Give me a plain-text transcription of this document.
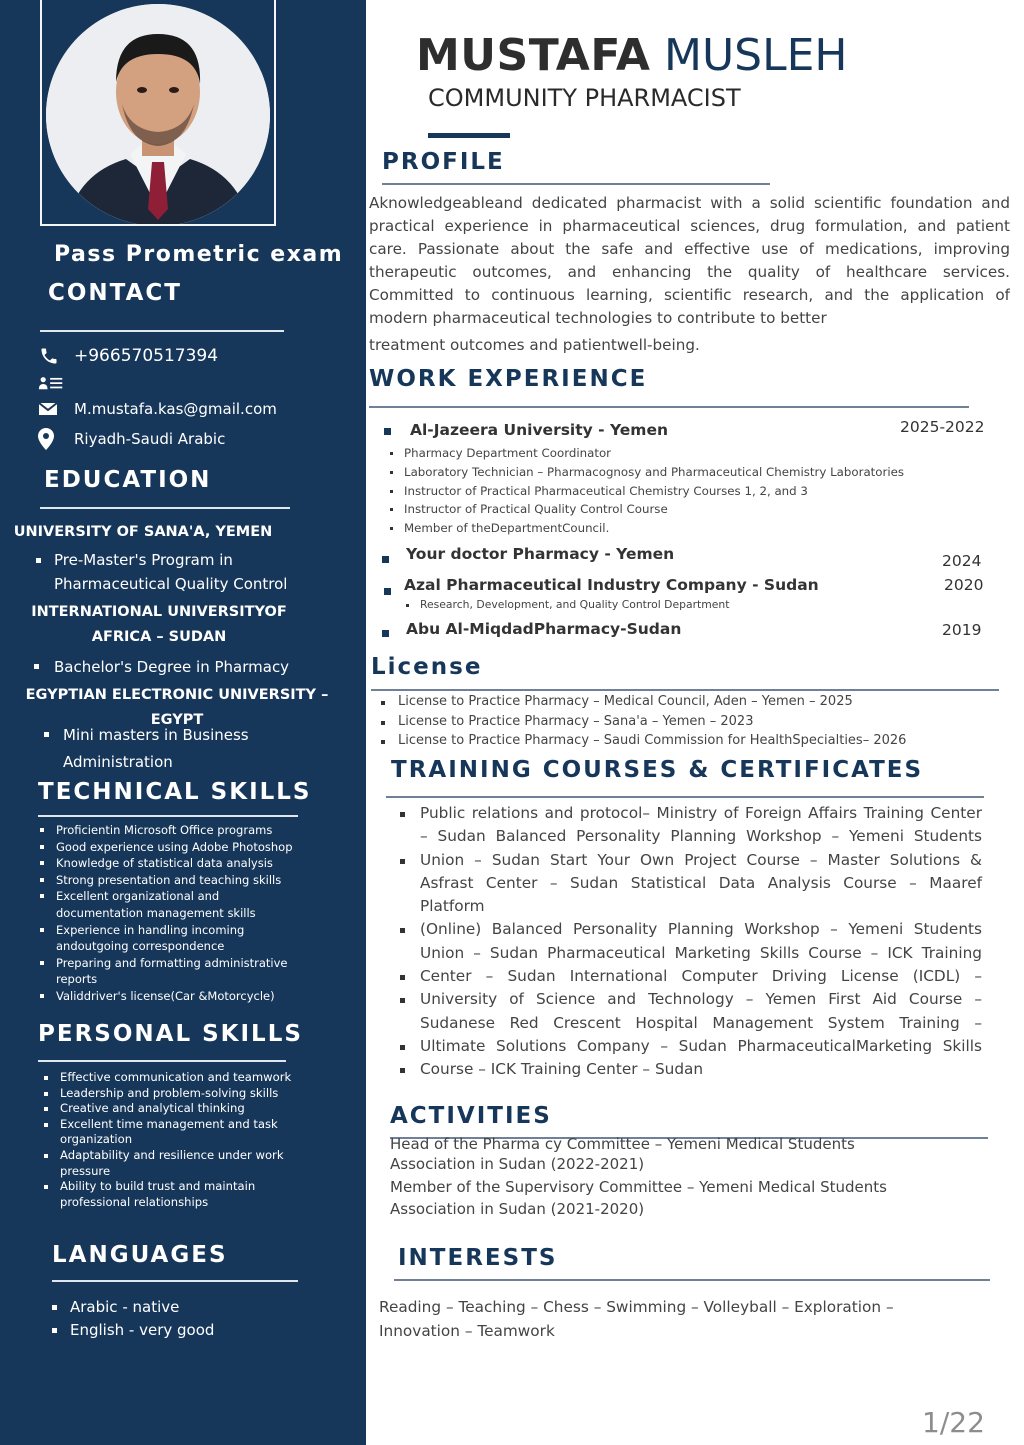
Pass Prometric exam
CONTACT
+966570517394
M.mustafa.kas@gmail.com
Riyadh-Saudi Arabic
EDUCATION
UNIVERSITY OF SANA'A, YEMEN
Pre-Master's Program in
Pharmaceutical Quality Control
INTERNATIONAL UNIVERSITYOF
AFRICA – SUDAN
Bachelor's Degree in Pharmacy
EGYPTIAN ELECTRONIC UNIVERSITY –
EGYPT
Mini masters in Business
Administration
TECHNICAL SKILLS
Proficientin Microsoft Office programs
Good experience using Adobe Photoshop
Knowledge of statistical data analysis
Strong presentation and teaching skills
Excellent organizational and documentation management skills
Experience in handling incoming andoutgoing correspondence
Preparing and formatting administrative reports
Validdriver's license(Car &Motorcycle)
PERSONAL SKILLS
Effective communication and teamwork
Leadership and problem-solving skills
Creative and analytical thinking
Excellent time management and task organization
Adaptability and resilience under work pressure
Ability to build trust and maintain professional relationships
LANGUAGES
Arabic - native
English - very good
MUSTAFA MUSLEH
COMMUNITY PHARMACIST
PROFILE
Aknowledgeableand dedicated pharmacist with a solid scientific foundation and practical experience in pharmaceutical sciences, drug formulation, and patient care. Passionate about the safe and effective use of medications, improving therapeutic outcomes, and enhancing the quality of healthcare services. Committed to continuous learning, scientific research, and the application of modern pharmaceutical technologies to contribute to better
treatment outcomes and patientwell-being.
WORK EXPERIENCE
Al-Jazeera University - Yemen	2025-2022
Pharmacy Department Coordinator
Laboratory Technician – Pharmacognosy and Pharmaceutical Chemistry Laboratories
Instructor of Practical Pharmaceutical Chemistry Courses 1, 2, and 3
Instructor of Practical Quality Control Course
Member of theDepartmentCouncil.
Your doctor Pharmacy - Yemen	2024
Azal Pharmaceutical Industry Company - Sudan	2020
Research, Development, and Quality Control Department
Abu Al-MiqdadPharmacy-Sudan	2019
License
License to Practice Pharmacy – Medical Council, Aden – Yemen – 2025
License to Practice Pharmacy – Sana'a – Yemen – 2023
License to Practice Pharmacy – Saudi Commission for HealthSpecialties– 2026
TRAINING COURSES & CERTIFICATES
Public relations and protocol– Ministry of Foreign Affairs Training Center
– Sudan Balanced Personality Planning Workshop – Yemeni Students
Union – Sudan Start Your Own Project Course – Master Solutions &
Asfrast Center – Sudan Statistical Data Analysis Course – Maaref Platform
(Online) Balanced Personality Planning Workshop – Yemeni Students
Union – Sudan Pharmaceutical Marketing Skills Course – ICK Training
Center – Sudan International Computer Driving License (ICDL) –
University of Science and Technology – Yemen First Aid Course –
Sudanese Red Crescent Hospital Management System Training –
Ultimate Solutions Company – Sudan PharmaceuticalMarketing Skills
Course – ICK Training Center – Sudan
ACTIVITIES
Head of the Pharma cy Committee – Yemeni Medical Students
Association in Sudan (2022-2021)
Member of the Supervisory Committee – Yemeni Medical Students
Association in Sudan (2021-2020)
INTERESTS
Reading – Teaching – Chess – Swimming – Volleyball – Exploration – Innovation – Teamwork
1/22
